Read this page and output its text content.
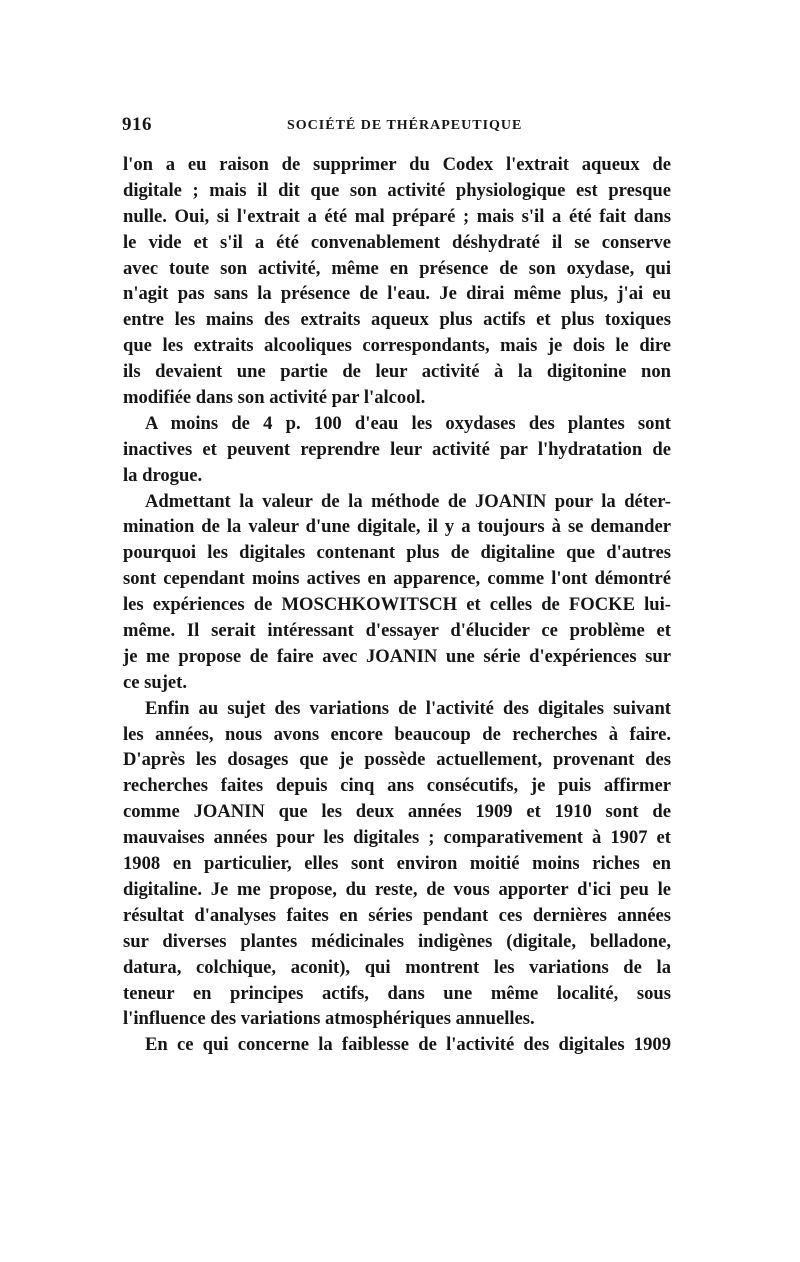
916	SOCIÉTÉ DE THÉRAPEUTIQUE
l'on a eu raison de supprimer du Codex l'extrait aqueux de
digitale ; mais il dit que son activité physiologique est presque
nulle. Oui, si l'extrait a été mal préparé ; mais s'il a été fait dans
le vide et s'il a été convenablement déshydraté il se conserve
avec toute son activité, même en présence de son oxydase, qui
n'agit pas sans la présence de l'eau. Je dirai même plus, j'ai eu
entre les mains des extraits aqueux plus actifs et plus toxiques
que les extraits alcooliques correspondants, mais je dois le dire
ils devaient une partie de leur activité à la digitonine non
modifiée dans son activité par l'alcool.
A moins de 4 p. 100 d'eau les oxydases des plantes sont
inactives et peuvent reprendre leur activité par l'hydratation de
la drogue.
Admettant la valeur de la méthode de JOANIN pour la déter-
mination de la valeur d'une digitale, il y a toujours à se demander
pourquoi les digitales contenant plus de digitaline que d'autres
sont cependant moins actives en apparence, comme l'ont démontré
les expériences de MOSCHKOWITSCH et celles de FOCKE lui-
même. Il serait intéressant d'essayer d'élucider ce problème et
je me propose de faire avec JOANIN une série d'expériences sur
ce sujet.
Enfin au sujet des variations de l'activité des digitales suivant
les années, nous avons encore beaucoup de recherches à faire.
D'après les dosages que je possède actuellement, provenant des
recherches faites depuis cinq ans consécutifs, je puis affirmer
comme JOANIN que les deux années 1909 et 1910 sont de
mauvaises années pour les digitales ; comparativement à 1907 et
1908 en particulier, elles sont environ moitié moins riches en
digitaline. Je me propose, du reste, de vous apporter d'ici peu le
résultat d'analyses faites en séries pendant ces dernières années
sur diverses plantes médicinales indigènes (digitale, belladone,
datura, colchique, aconit), qui montrent les variations de la
teneur en principes actifs, dans une même localité, sous
l'influence des variations atmosphériques annuelles.
En ce qui concerne la faiblesse de l'activité des digitales 1909
